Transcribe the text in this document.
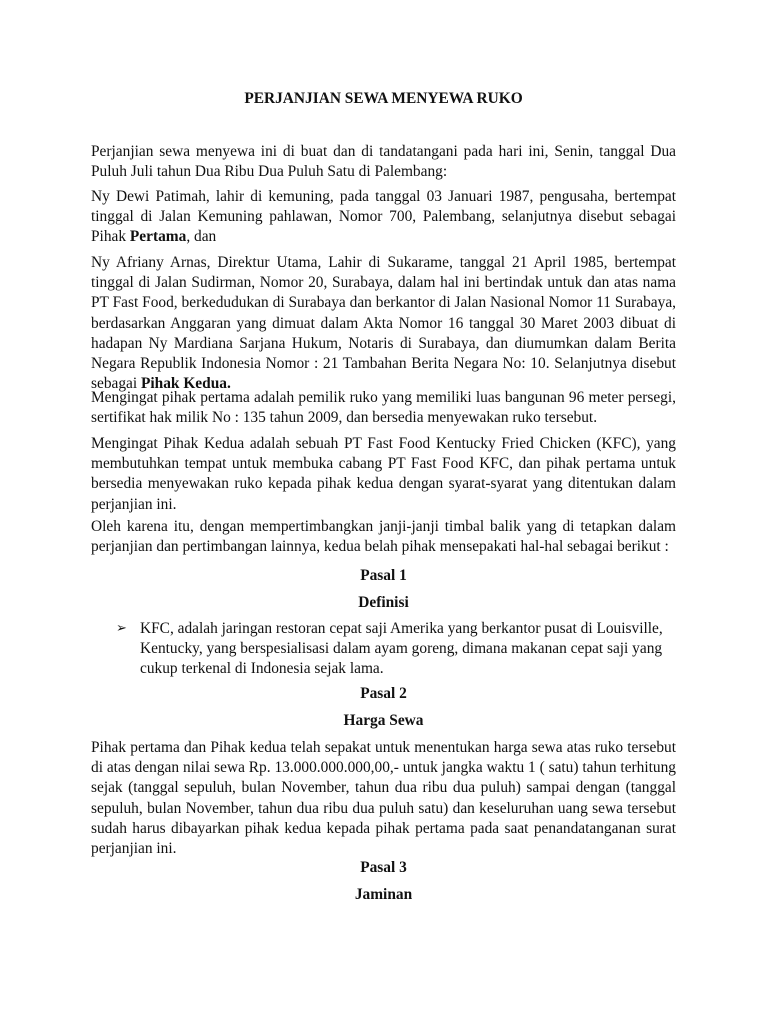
PERJANJIAN SEWA MENYEWA RUKO

Perjanjian sewa menyewa ini di buat dan di tandatangani pada hari ini, Senin, tanggal Dua Puluh Juli tahun Dua Ribu Dua Puluh Satu di Palembang:

Ny Dewi Patimah, lahir di kemuning, pada tanggal 03 Januari 1987, pengusaha, bertempat tinggal di Jalan Kemuning pahlawan, Nomor 700, Palembang, selanjutnya disebut sebagai Pihak Pertama, dan

Ny Afriany Arnas, Direktur Utama, Lahir di Sukarame, tanggal 21 April 1985, bertempat tinggal di Jalan Sudirman, Nomor 20, Surabaya, dalam hal ini bertindak untuk dan atas nama PT Fast Food, berkedudukan di Surabaya dan berkantor di Jalan Nasional Nomor 11 Surabaya, berdasarkan Anggaran yang dimuat dalam Akta Nomor 16 tanggal 30 Maret 2003 dibuat di hadapan Ny Mardiana Sarjana Hukum, Notaris di Surabaya, dan diumumkan dalam Berita Negara Republik Indonesia Nomor : 21 Tambahan Berita Negara No: 10. Selanjutnya disebut sebagai Pihak Kedua.

Mengingat pihak pertama adalah pemilik ruko yang memiliki luas bangunan 96 meter persegi, sertifikat hak milik No : 135 tahun 2009, dan bersedia menyewakan ruko tersebut.

Mengingat Pihak Kedua adalah sebuah PT Fast Food Kentucky Fried Chicken (KFC), yang membutuhkan tempat untuk membuka cabang PT Fast Food KFC, dan pihak pertama untuk bersedia menyewakan ruko kepada pihak kedua dengan syarat-syarat yang ditentukan dalam perjanjian ini.

Oleh karena itu, dengan mempertimbangkan janji-janji timbal balik yang di tetapkan dalam perjanjian dan pertimbangan lainnya, kedua belah pihak mensepakati hal-hal sebagai berikut :

Pasal 1
Definisi
➢ KFC, adalah jaringan restoran cepat saji Amerika yang berkantor pusat di Louisville, Kentucky, yang berspesialisasi dalam ayam goreng, dimana makanan cepat saji yang cukup terkenal di Indonesia sejak lama.
Pasal 2
Harga Sewa

Pihak pertama dan Pihak kedua telah sepakat untuk menentukan harga sewa atas ruko tersebut di atas dengan nilai sewa Rp. 13.000.000.000,00,- untuk jangka waktu 1 ( satu) tahun terhitung sejak (tanggal sepuluh, bulan November, tahun dua ribu dua puluh) sampai dengan (tanggal sepuluh, bulan November, tahun dua ribu dua puluh satu) dan keseluruhan uang sewa tersebut sudah harus dibayarkan pihak kedua kepada pihak pertama pada saat penandatanganan surat perjanjian ini.

Pasal 3
Jaminan
